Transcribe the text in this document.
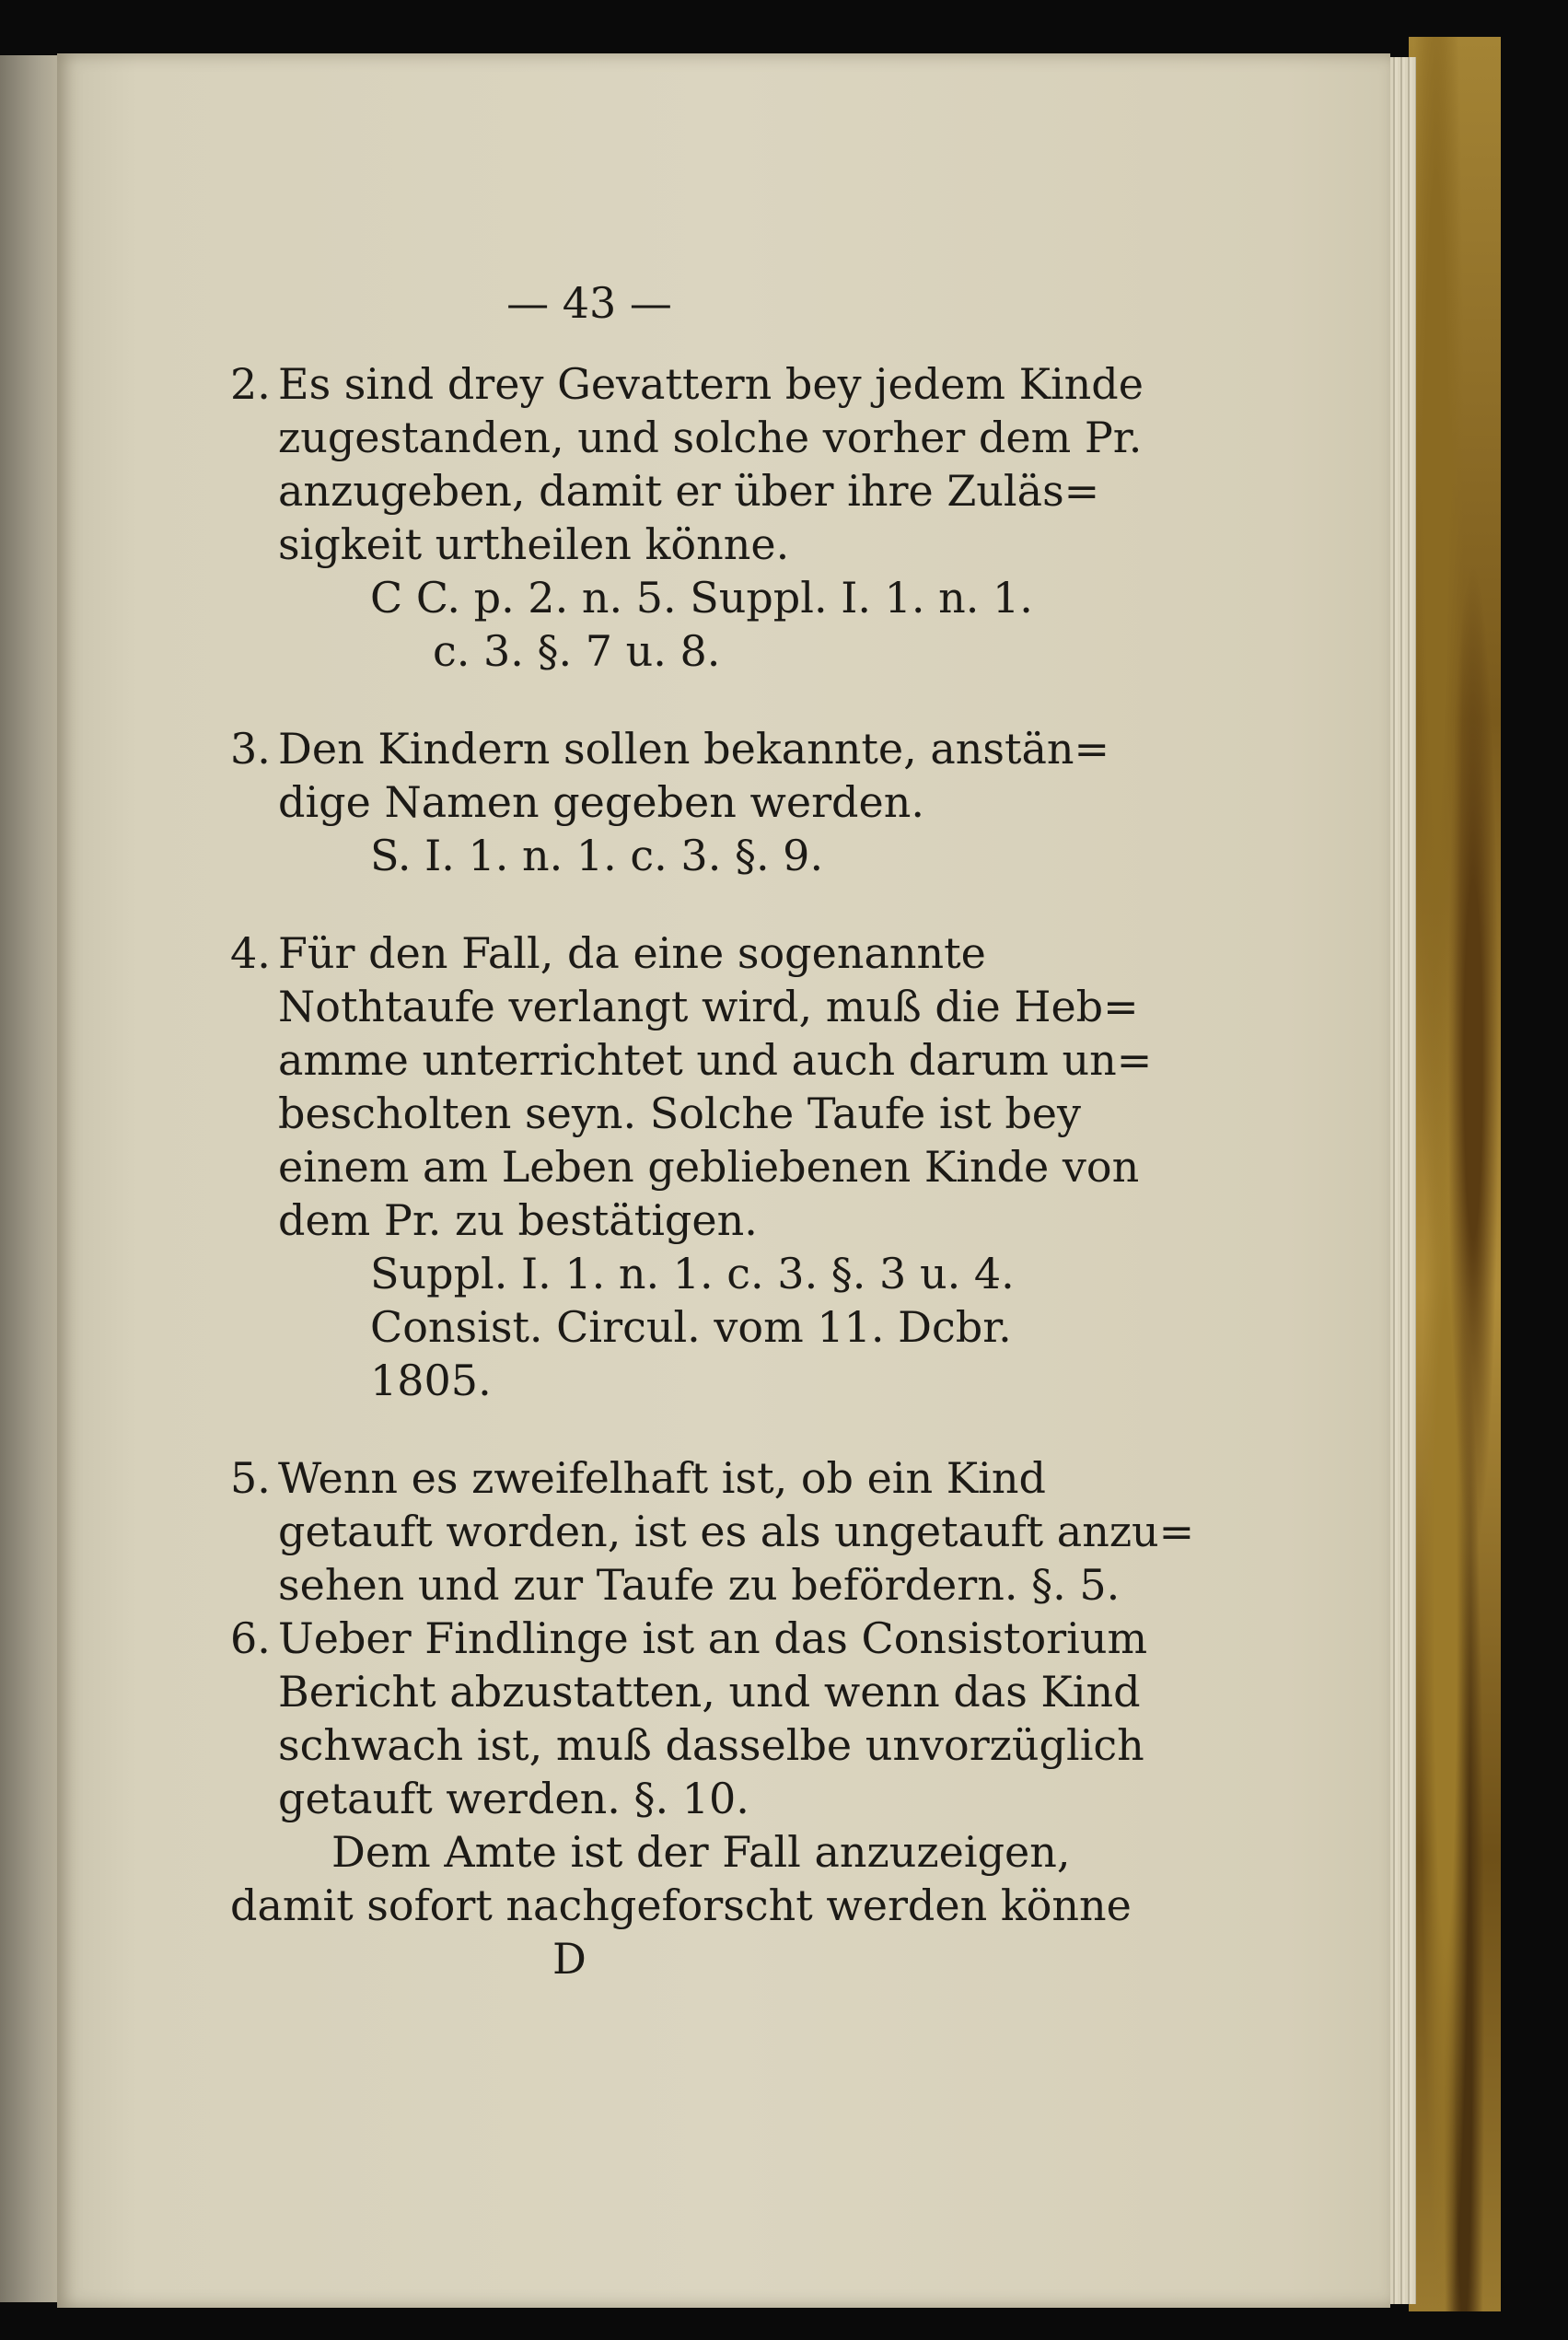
— 43 —
2. Es sind drey Gevattern bey jedem Kinde
zugestanden, und solche vorher dem Pr.
anzugeben, damit er über ihre Zuläs=
sigkeit urtheilen könne.
C C. p. 2. n. 5. Suppl. I. 1. n. 1.
c. 3. §. 7 u. 8.
3. Den Kindern sollen bekannte, anstän=
dige Namen gegeben werden.
S. I. 1. n. 1. c. 3. §. 9.
4. Für den Fall, da eine sogenannte
Nothtaufe verlangt wird, muß die Heb=
amme unterrichtet und auch darum un=
bescholten seyn. Solche Taufe ist bey
einem am Leben gebliebenen Kinde von
dem Pr. zu bestätigen.
Suppl. I. 1. n. 1. c. 3. §. 3 u. 4.
Consist. Circul. vom 11. Dcbr.
1805.
5. Wenn es zweifelhaft ist, ob ein Kind
getauft worden, ist es als ungetauft anzu=
sehen und zur Taufe zu befördern. §. 5.
6. Ueber Findlinge ist an das Consistorium
Bericht abzustatten, und wenn das Kind
schwach ist, muß dasselbe unvorzüglich
getauft werden. §. 10.
Dem Amte ist der Fall anzuzeigen,
damit sofort nachgeforscht werden könne
D
